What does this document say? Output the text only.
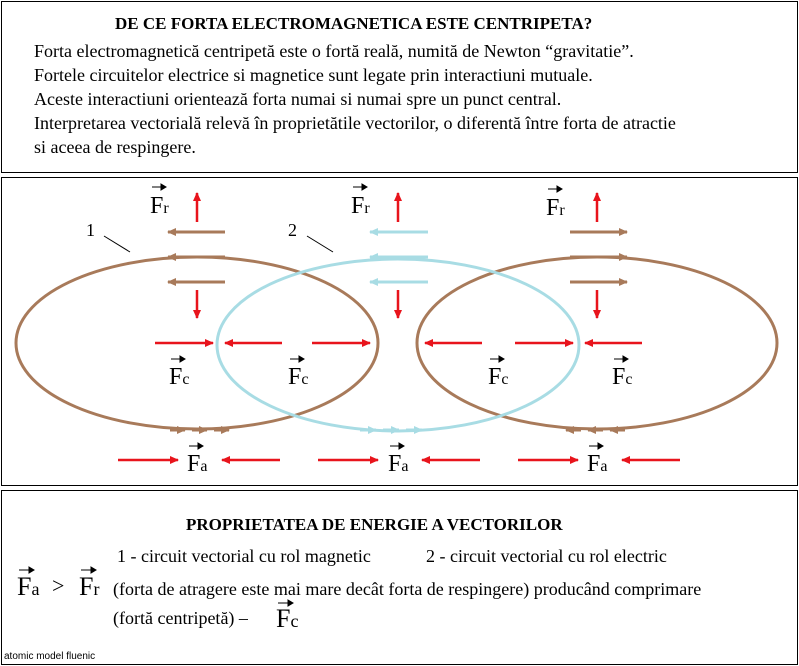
DE CE FORTA ELECTROMAGNETICA ESTE CENTRIPETA?
Forta electromagnetică centripetă este o fortă reală, numită de Newton “gravitatie”.
Fortele circuitelor electrice si magnetice sunt legate prin interactiuni mutuale.
Aceste interactiuni orientează forta numai si numai spre un punct central.
Interpretarea vectorială relevă în proprietătile vectorilor, o diferentă între forta de atractie
si aceea de respingere.
1	2
Fr	Fr	Fr
Fc	Fc	Fc	Fc
Fa	Fa	Fa
Fa > Fr
Fc
PROPRIETATEA DE ENERGIE A VECTORILOR
1 - circuit vectorial cu rol magnetic	2 - circuit vectorial cu rol electric
(forta de atragere este mai mare decât forta de respingere) producând comprimare
(fortă centripetă) –
atomic model fluenic
